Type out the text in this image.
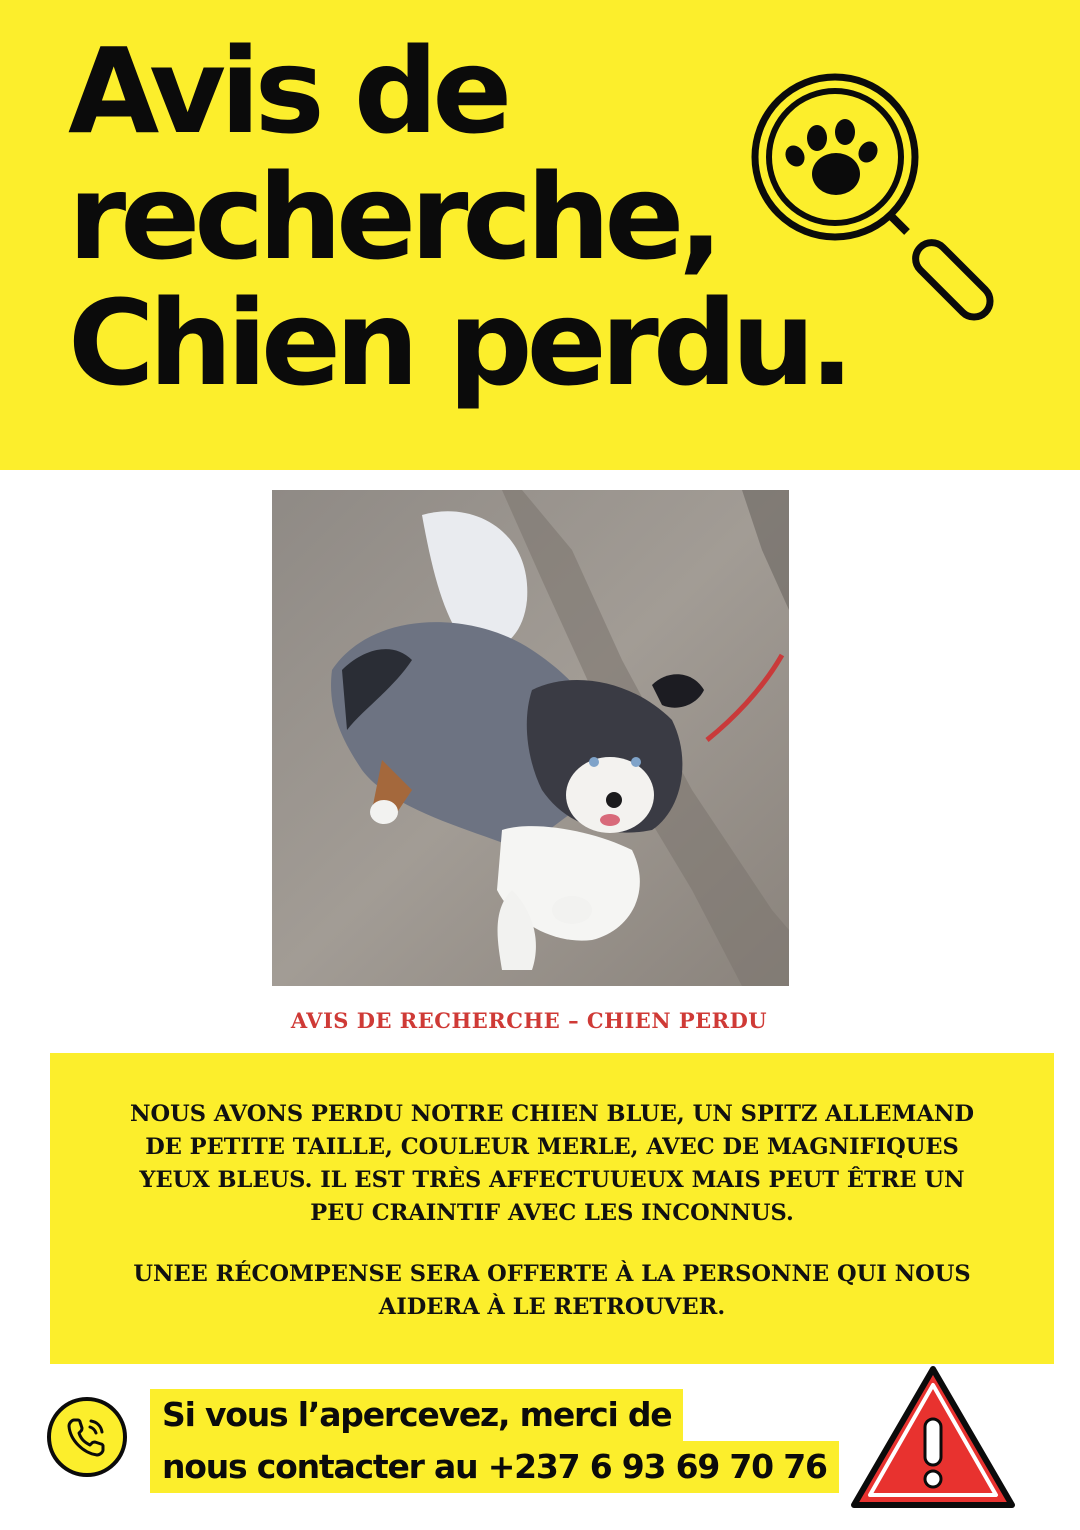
Avis de
recherche,
Chien perdu.
AVIS DE RECHERCHE – CHIEN PERDU

NOUS AVONS PERDU NOTRE CHIEN BLUE, UN SPITZ ALLEMAND DE PETITE TAILLE, COULEUR MERLE, AVEC DE MAGNIFIQUES YEUX BLEUS. IL EST TRÈS AFFECTUUEUX MAIS PEUT ÊTRE UN PEU CRAINTIF AVEC LES INCONNUS.

UNEE RÉCOMPENSE SERA OFFERTE À LA PERSONNE QUI NOUS AIDERA À LE RETROUVER.

Si vous l’apercevez, merci de
nous contacter au +237 6 93 69 70 76
